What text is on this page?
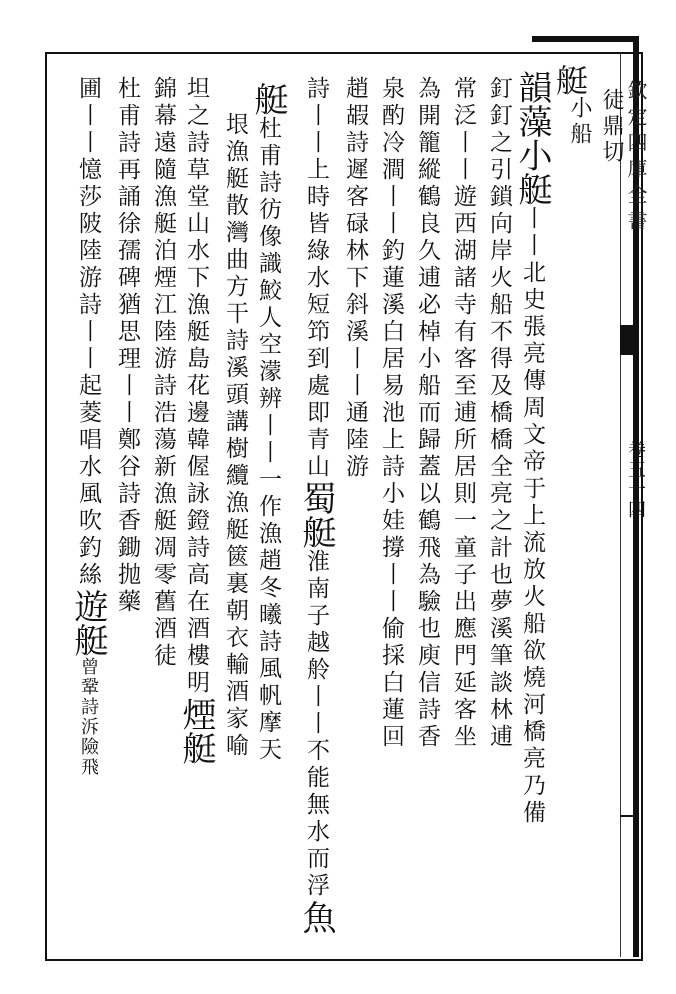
欽定四庫全書
卷五十四
艇
徒鼎切
小船
韻藻小艇丨丨北史張亮傳周文帝于上流放火船欲燒河橋亮乃備
釘釘之引鎖向岸火船不得及橋橋全亮之計也夢溪筆談林逋
常泛丨丨遊西湖諸寺有客至逋所居則一童子出應門延客坐
為開籠縱鶴良久逋必棹小船而歸蓋以鶴飛為驗也庾信詩香
泉酌冷澗丨丨釣蓮溪白居易池上詩小娃撐丨丨偷採白蓮回
趙嘏詩遲客碌林下斜溪丨丨通陸游
詩丨丨上時皆綠水短笻到處即青山蜀艇淮南子越舲丨丨不能無水而浮魚
艇杜甫詩彷像識鮫人空濛辨丨丨一作漁趙冬曦詩風帆摩天
垠漁艇散灣曲方干詩溪頭講樹纜漁艇篋裏朝衣輸酒家喻
坦之詩草堂山水下漁艇島花邊韓偓詠鐙詩高在酒樓明煙艇
錦幕遠隨漁艇泊煙江陸游詩浩蕩新漁艇凋零舊酒徒
杜甫詩再誦徐孺碑猶思理丨丨鄭谷詩香鋤抛藥
圃丨丨憶莎陂陸游詩丨丨起菱唱水風吹釣絲遊艇曾鞏詩泝險飛
